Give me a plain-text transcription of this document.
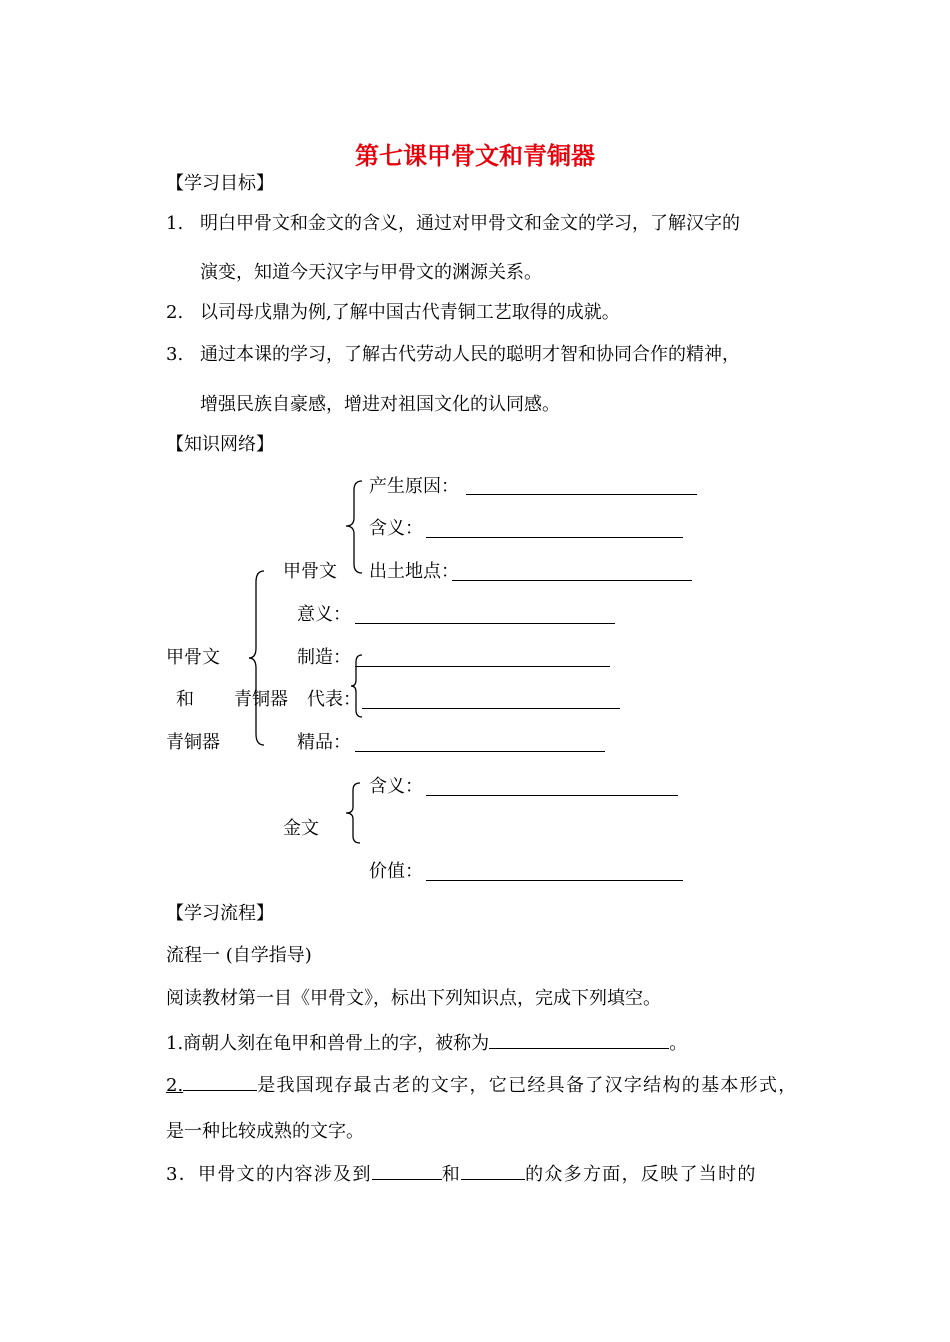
第七课甲骨文和青铜器
【学习目标】
1. 明白甲骨文和金文的含义，通过对甲骨文和金文的学习，了解汉字的
演变，知道今天汉字与甲骨文的渊源关系。
2. 以司母戊鼎为例,了解中国古代青铜工艺取得的成就。
3. 通过本课的学习，了解古代劳动人民的聪明才智和协同合作的精神，
增强民族自豪感，增进对祖国文化的认同感。
【知识网络】
甲骨文
和
青铜器
甲骨文
产生原因：
含义：
出土地点：
意义：
青铜器
制造：
代表：
精品：
金文
含义：
价值：
【学习流程】
流程一 (自学指导)
阅读教材第一目《甲骨文》，标出下列知识点，完成下列填空。
1.商朝人刻在龟甲和兽骨上的字，被称为	。
2.	是我国现存最古老的文字，它已经具备了汉字结构的基本形式，
是一种比较成熟的文字。
3．甲骨文的内容涉及到	和	的众多方面，反映了当时的
